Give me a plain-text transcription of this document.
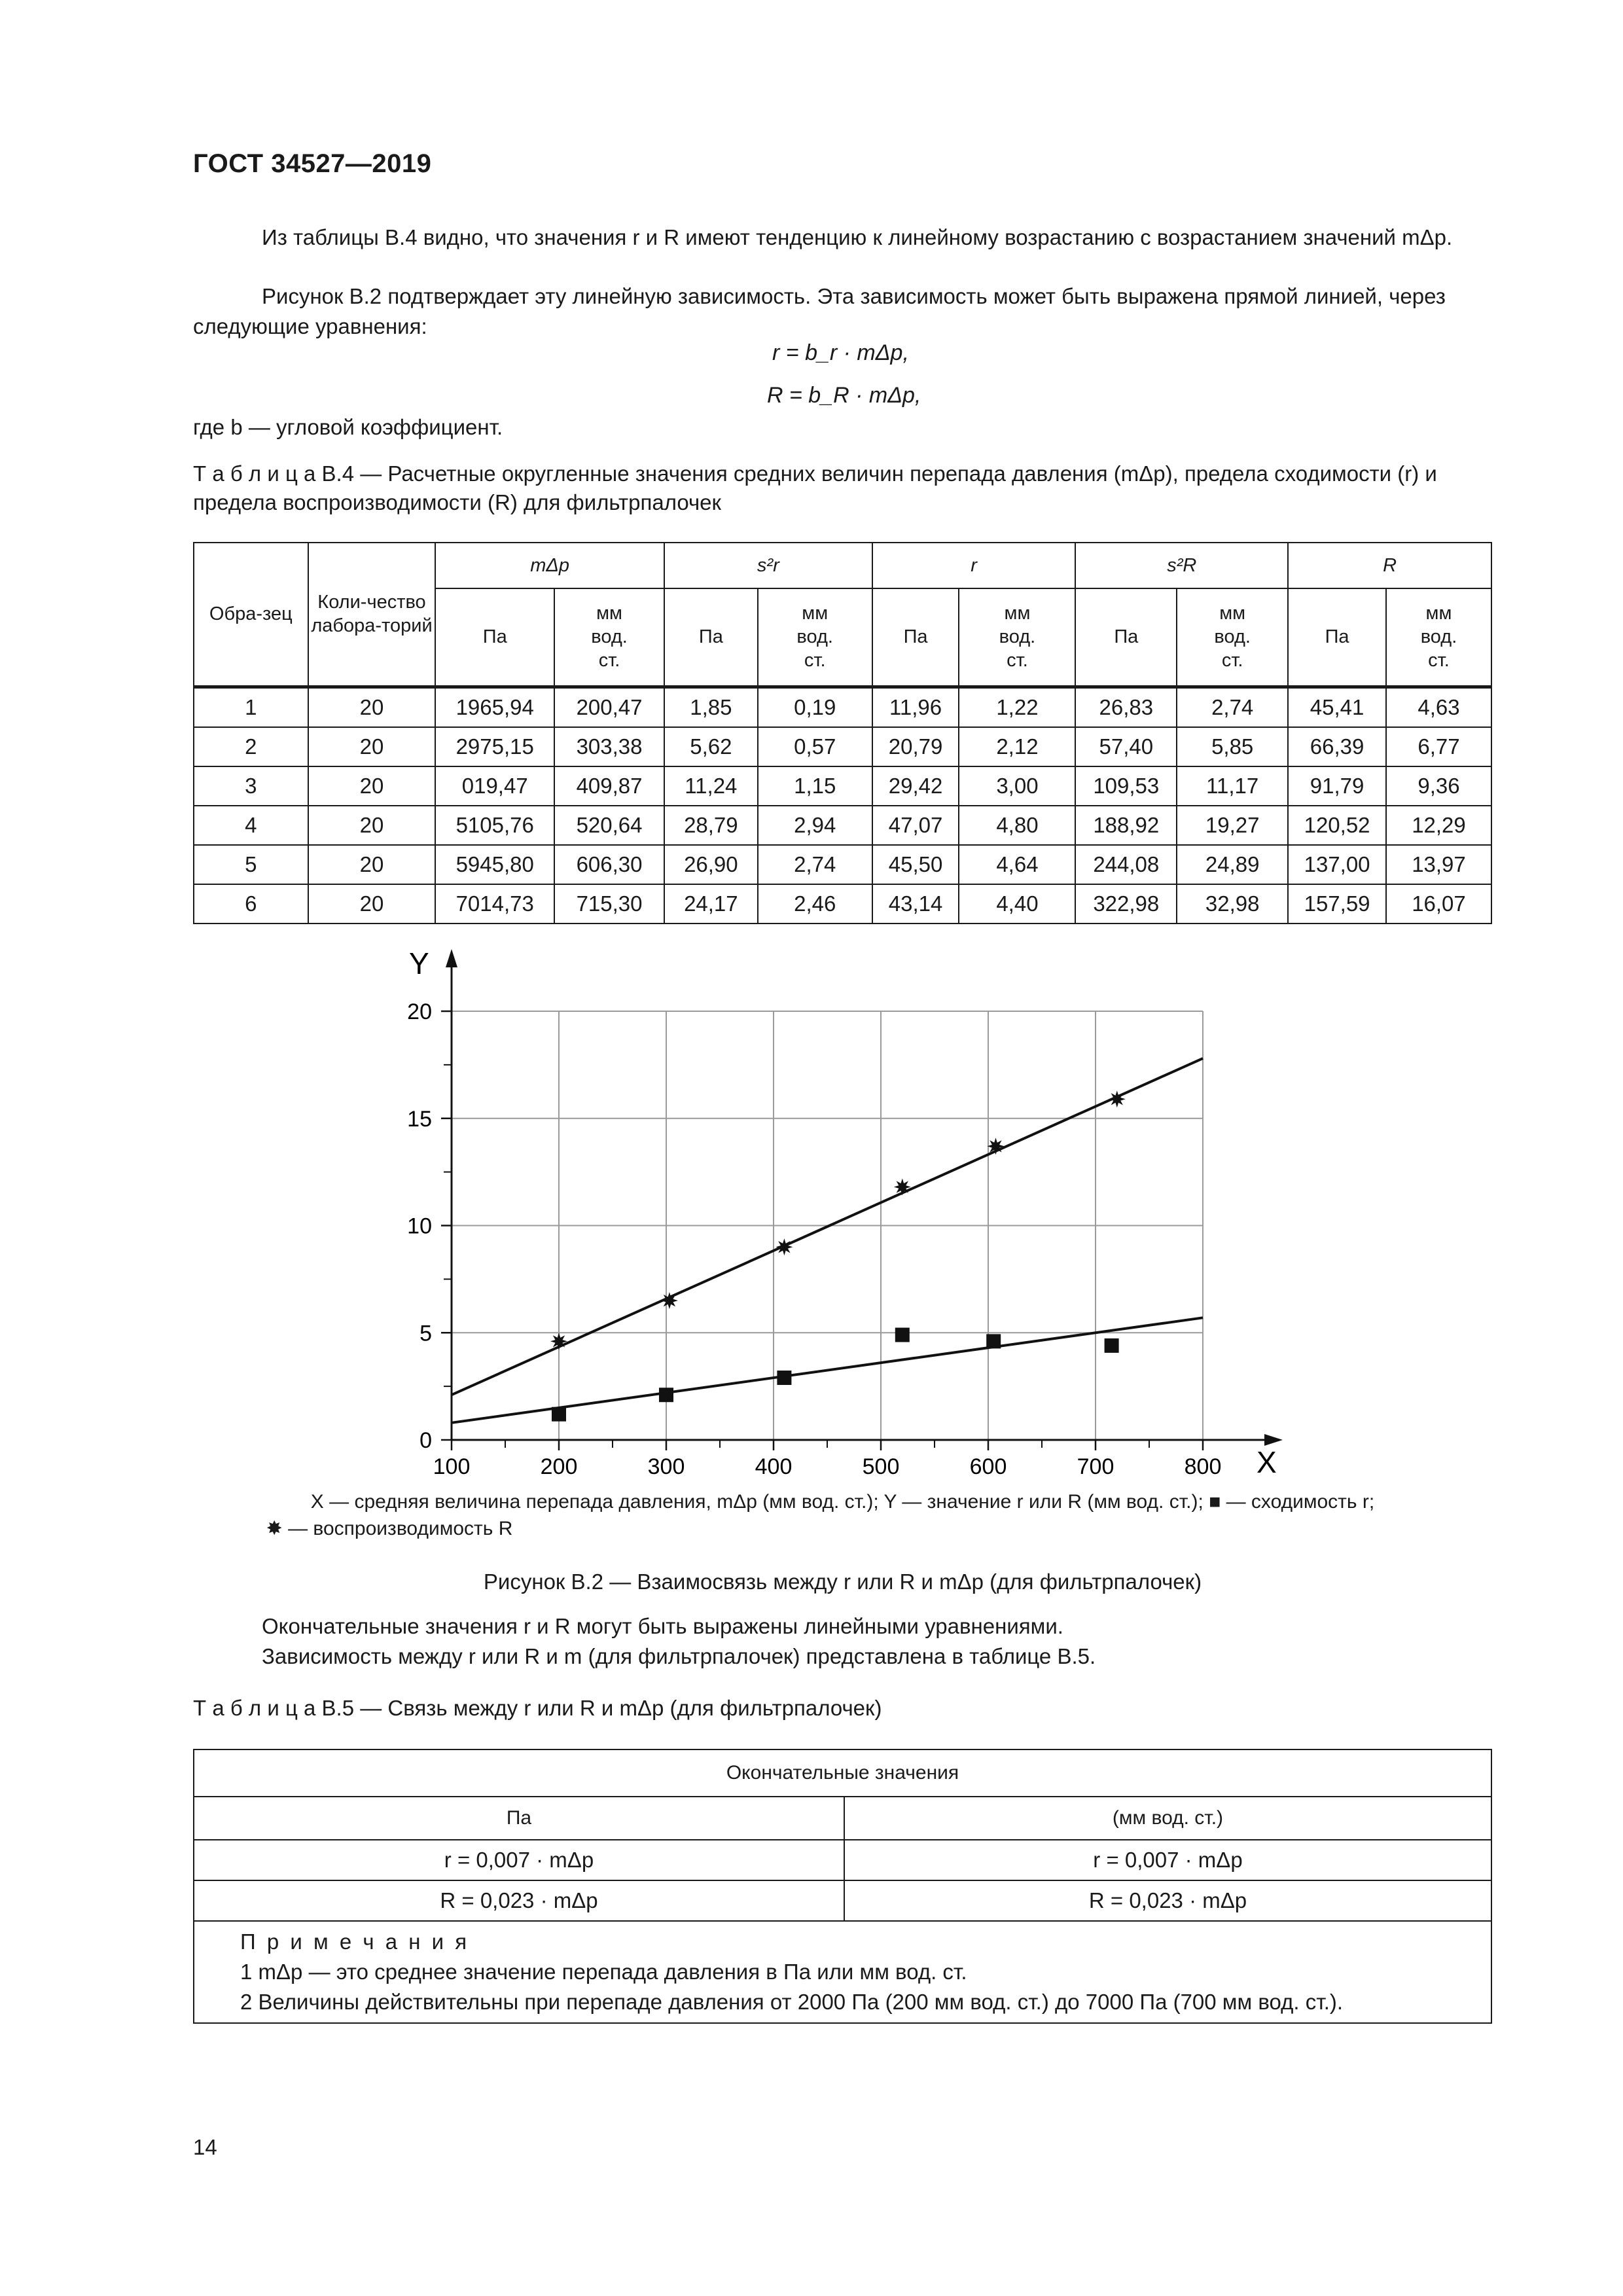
ГОСТ 34527—2019
Из таблицы В.4 видно, что значения r и R имеют тенденцию к линейному возрастанию с возрастанием значений mΔp.
Рисунок В.2 подтверждает эту линейную зависимость. Эта зависимость может быть выражена прямой линией, через следующие уравнения:
r = b_r · mΔp,
R = b_R · mΔp,
где b — угловой коэффициент.
Т а б л и ц а В.4 — Расчетные округленные значения средних величин перепада давления (mΔp), предела сходимости (r) и предела воспроизводимости (R) для фильтрпалочек
Обра-зец	Коли-чество лабора-торий	mΔp		s²r		r		s²R		R	
		Па	мм вод. ст.	Па	мм вод. ст.	Па	мм вод. ст.	Па	мм вод. ст.	Па	мм вод. ст.
1	20	1965,94	200,47	1,85	0,19	11,96	1,22	26,83	2,74	45,41	4,63
2	20	2975,15	303,38	5,62	0,57	20,79	2,12	57,40	5,85	66,39	6,77
3	20	019,47	409,87	11,24	1,15	29,42	3,00	109,53	11,17	91,79	9,36
4	20	5105,76	520,64	28,79	2,94	47,07	4,80	188,92	19,27	120,52	12,29
5	20	5945,80	606,30	26,90	2,74	45,50	4,64	244,08	24,89	137,00	13,97
6	20	7014,73	715,30	24,17	2,46	43,14	4,40	322,98	32,98	157,59	16,07
100	200	300	400	500	600	700	800
0
5
10
15
20
Y
X
X — средняя величина перепада давления, mΔp (мм вод. ст.); Y — значение r или R (мм вод. ст.); ■ — сходимость r;
✸ — воспроизводимость R
Рисунок В.2 — Взаимосвязь между r или R и mΔp (для фильтрпалочек)
Окончательные значения r и R могут быть выражены линейными уравнениями.
Зависимость между r или R и m (для фильтрпалочек) представлена в таблице В.5.
Т а б л и ц а В.5 — Связь между r или R и mΔp (для фильтрпалочек)
Окончательные значения	
Па	(мм вод. ст.)
r = 0,007 · mΔp	r = 0,007 · mΔp
R = 0,023 · mΔp	R = 0,023 · mΔp

П р и м е ч а н и я
1 mΔp — это среднее значение перепада давления в Па или мм вод. ст.
2 Величины действительны при перепаде давления от 2000 Па (200 мм вод. ст.) до 7000 Па (700 мм вод. ст.).	
14
